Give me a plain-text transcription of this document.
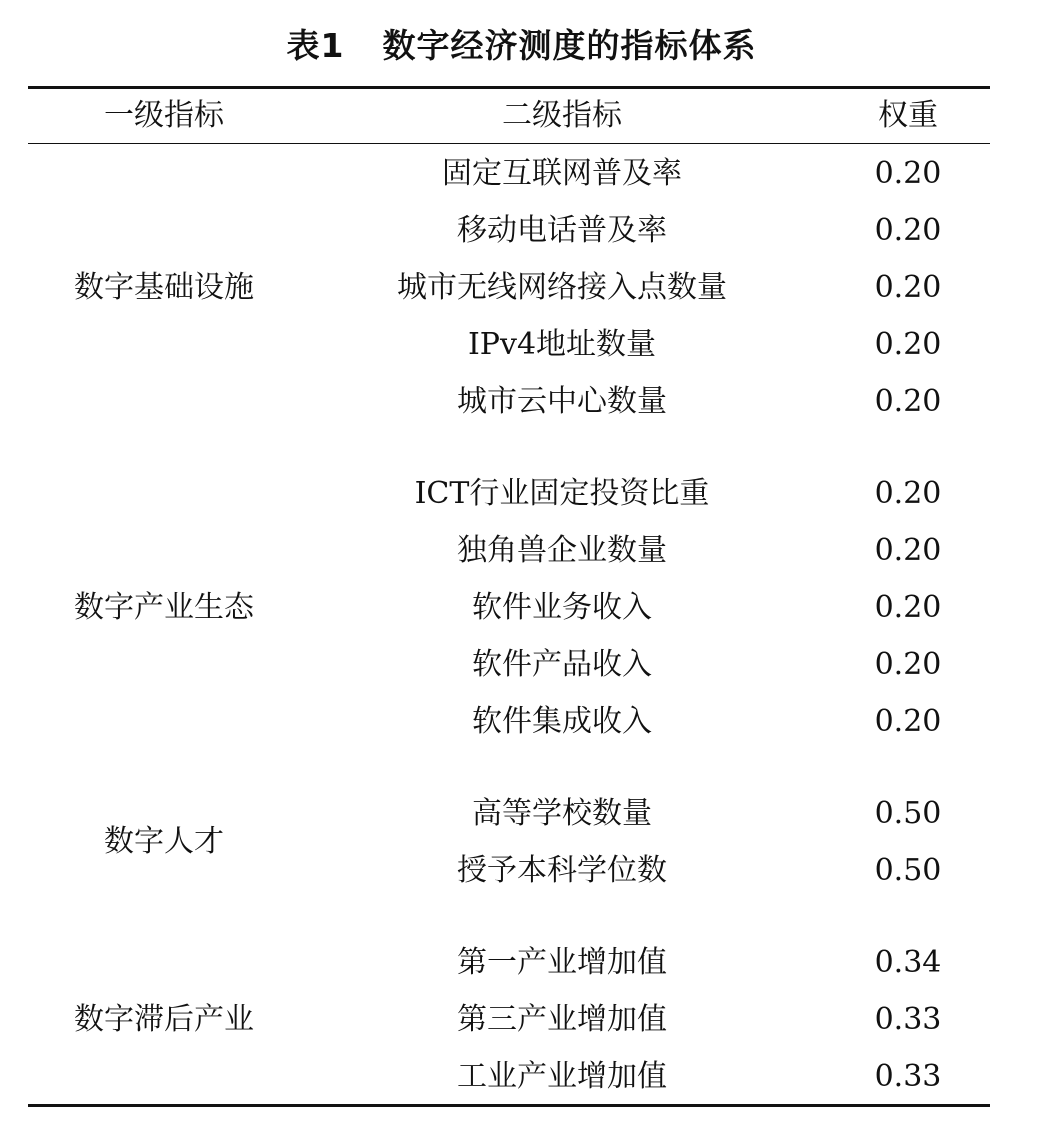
表1 数字经济测度的指标体系
一级指标	二级指标	权重
数字基础设施
固定互联网普及率	0.20
移动电话普及率	0.20
城市无线网络接入点数量	0.20
IPv4地址数量	0.20
城市云中心数量	0.20
数字产业生态
ICT行业固定投资比重	0.20
独角兽企业数量	0.20
软件业务收入	0.20
软件产品收入	0.20
软件集成收入	0.20
数字人才
高等学校数量	0.50
授予本科学位数	0.50
数字滞后产业
第一产业增加值	0.34
第三产业增加值	0.33
工业产业增加值	0.33
